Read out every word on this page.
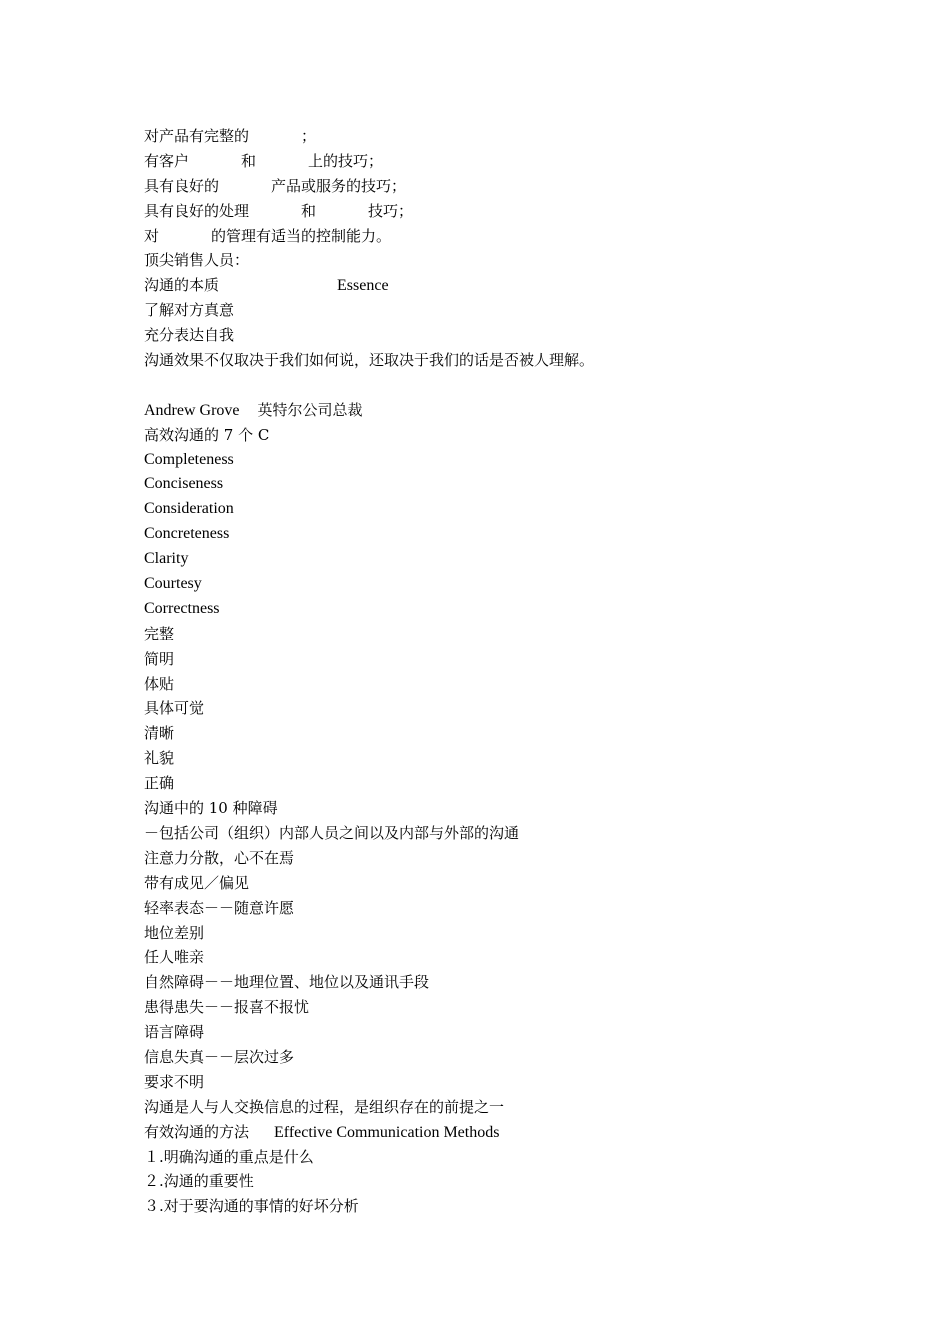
对产品有完整的	；
有客户	和	上的技巧；
具有良好的	产品或服务的技巧；
具有良好的处理	和	技巧；
对	的管理有适当的控制能力。
顶尖销售人员：
沟通的本质	Essence
了解对方真意
充分表达自我
沟通效果不仅取决于我们如何说，还取决于我们的话是否被人理解。
Andrew Grove 英特尔公司总裁
高效沟通的 7 个 C
Completeness
Conciseness
Consideration
Concreteness
Clarity
Courtesy
Correctness
完整
简明
体贴
具体可觉
清晰
礼貌
正确
沟通中的 10 种障碍
－包括公司（组织）内部人员之间以及内部与外部的沟通
注意力分散，心不在焉
带有成见／偏见
轻率表态－－随意许愿
地位差别
任人唯亲
自然障碍－－地理位置、地位以及通讯手段
患得患失－－报喜不报忧
语言障碍
信息失真－－层次过多
要求不明
沟通是人与人交换信息的过程，是组织存在的前提之一
有效沟通的方法 Effective Communication Methods
１.明确沟通的重点是什么
２.沟通的重要性
３.对于要沟通的事情的好坏分析
